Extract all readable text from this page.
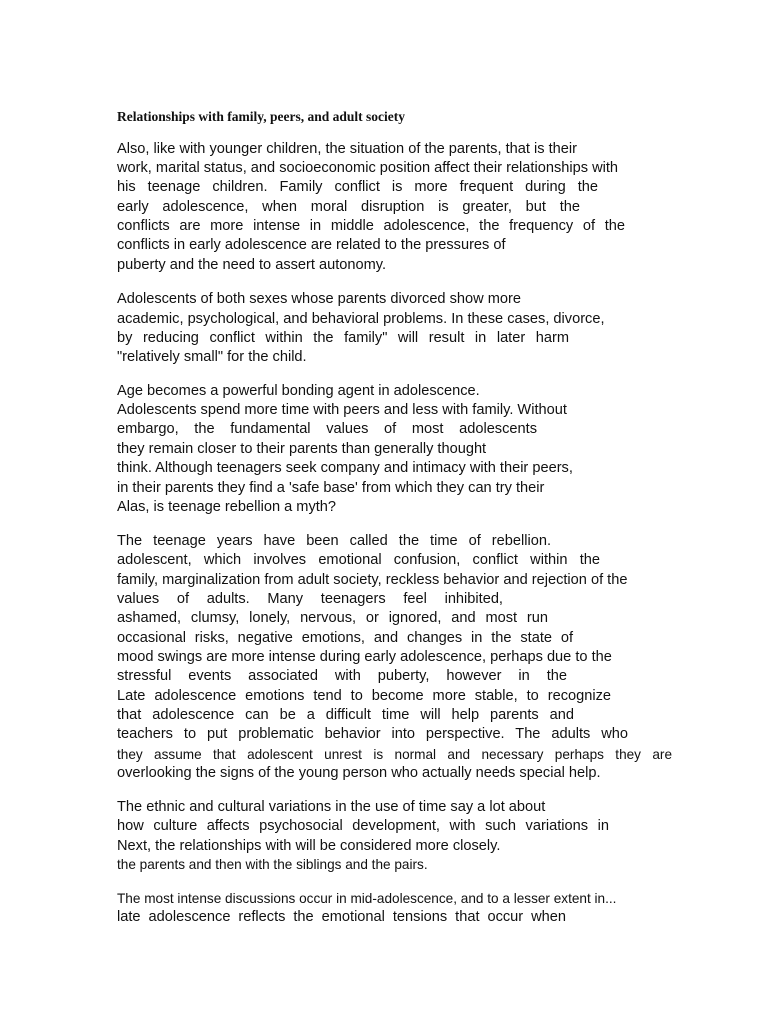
Relationships with family, peers, and adult society
Also, like with younger children, the situation of the parents, that is their
work, marital status, and socioeconomic position affect their relationships with
his teenage children. Family conflict is more frequent during the
early adolescence, when moral disruption is greater, but the
conflicts are more intense in middle adolescence, the frequency of the
conflicts in early adolescence are related to the pressures of
puberty and the need to assert autonomy.
Adolescents of both sexes whose parents divorced show more
academic, psychological, and behavioral problems. In these cases, divorce,
by reducing conflict within the family" will result in later harm
"relatively small" for the child.
Age becomes a powerful bonding agent in adolescence.
Adolescents spend more time with peers and less with family. Without
embargo, the fundamental values of most adolescents
they remain closer to their parents than generally thought
think. Although teenagers seek company and intimacy with their peers,
in their parents they find a 'safe base' from which they can try their
Alas, is teenage rebellion a myth?
The teenage years have been called the time of rebellion.
adolescent, which involves emotional confusion, conflict within the
family, marginalization from adult society, reckless behavior and rejection of the
values of adults. Many teenagers feel inhibited,
ashamed, clumsy, lonely, nervous, or ignored, and most run
occasional risks, negative emotions, and changes in the state of
mood swings are more intense during early adolescence, perhaps due to the
stressful events associated with puberty, however in the
Late adolescence emotions tend to become more stable, to recognize
that adolescence can be a difficult time will help parents and
teachers to put problematic behavior into perspective. The adults who
they assume that adolescent unrest is normal and necessary perhaps they are
overlooking the signs of the young person who actually needs special help.
The ethnic and cultural variations in the use of time say a lot about
how culture affects psychosocial development, with such variations in
Next, the relationships with will be considered more closely.
the parents and then with the siblings and the pairs.
The most intense discussions occur in mid-adolescence, and to a lesser extent in...
late adolescence reflects the emotional tensions that occur when
